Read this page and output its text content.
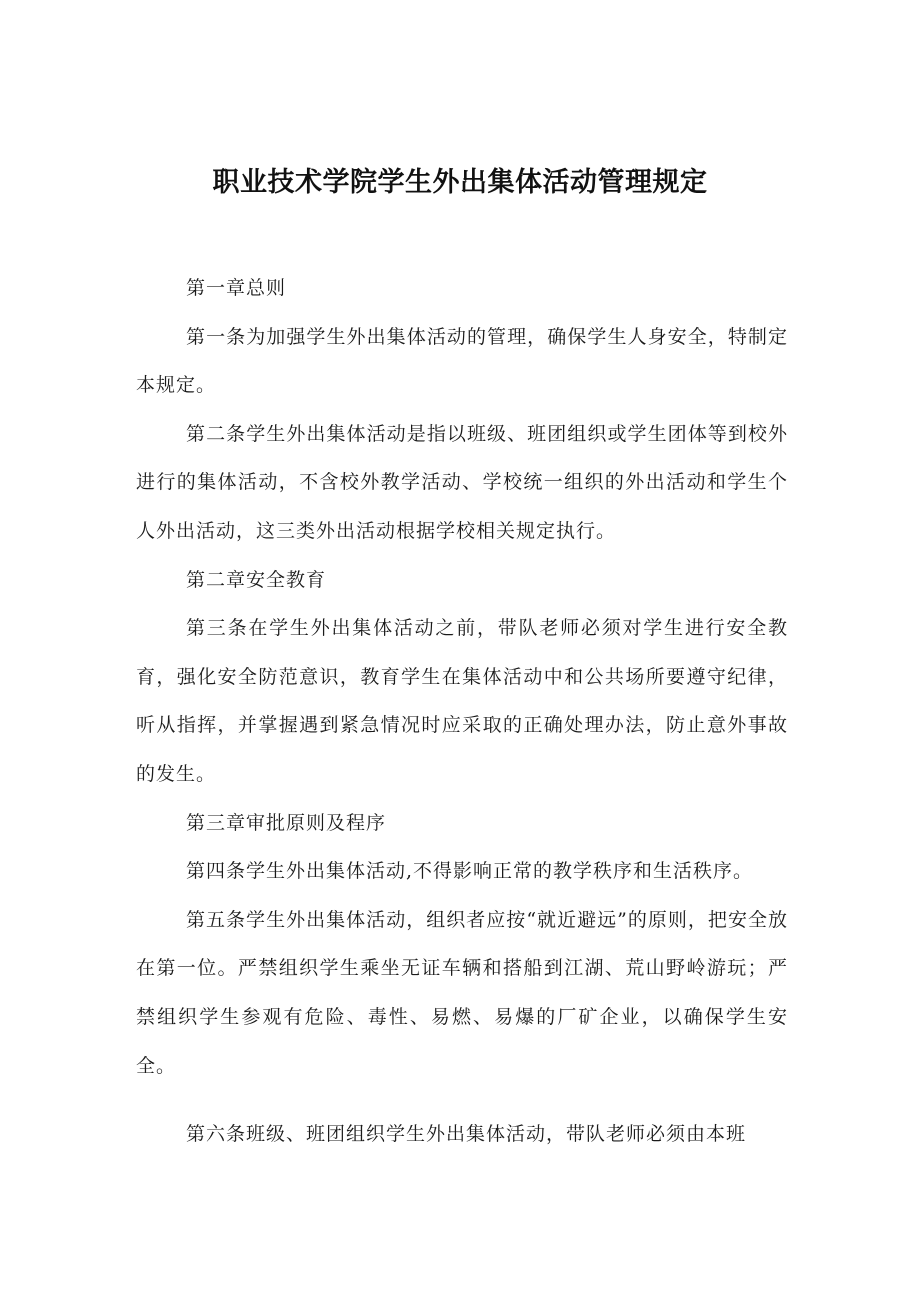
职业技术学院学生外出集体活动管理规定

第一章总则

第一条为加强学生外出集体活动的管理，确保学生人身安全，特制定本规定。

第二条学生外出集体活动是指以班级、班团组织或学生团体等到校外进行的集体活动，不含校外教学活动、学校统一组织的外出活动和学生个人外出活动，这三类外出活动根据学校相关规定执行。

第二章安全教育

第三条在学生外出集体活动之前，带队老师必须对学生进行安全教育，强化安全防范意识，教育学生在集体活动中和公共场所要遵守纪律，听从指挥，并掌握遇到紧急情况时应采取的正确处理办法，防止意外事故的发生。

第三章审批原则及程序

第四条学生外出集体活动,不得影响正常的教学秩序和生活秩序。

第五条学生外出集体活动，组织者应按“就近避远”的原则，把安全放在第一位。严禁组织学生乘坐无证车辆和搭船到江湖、荒山野岭游玩；严禁组织学生参观有危险、毒性、易燃、易爆的厂矿企业，以确保学生安全。

第六条班级、班团组织学生外出集体活动，带队老师必须由本班
